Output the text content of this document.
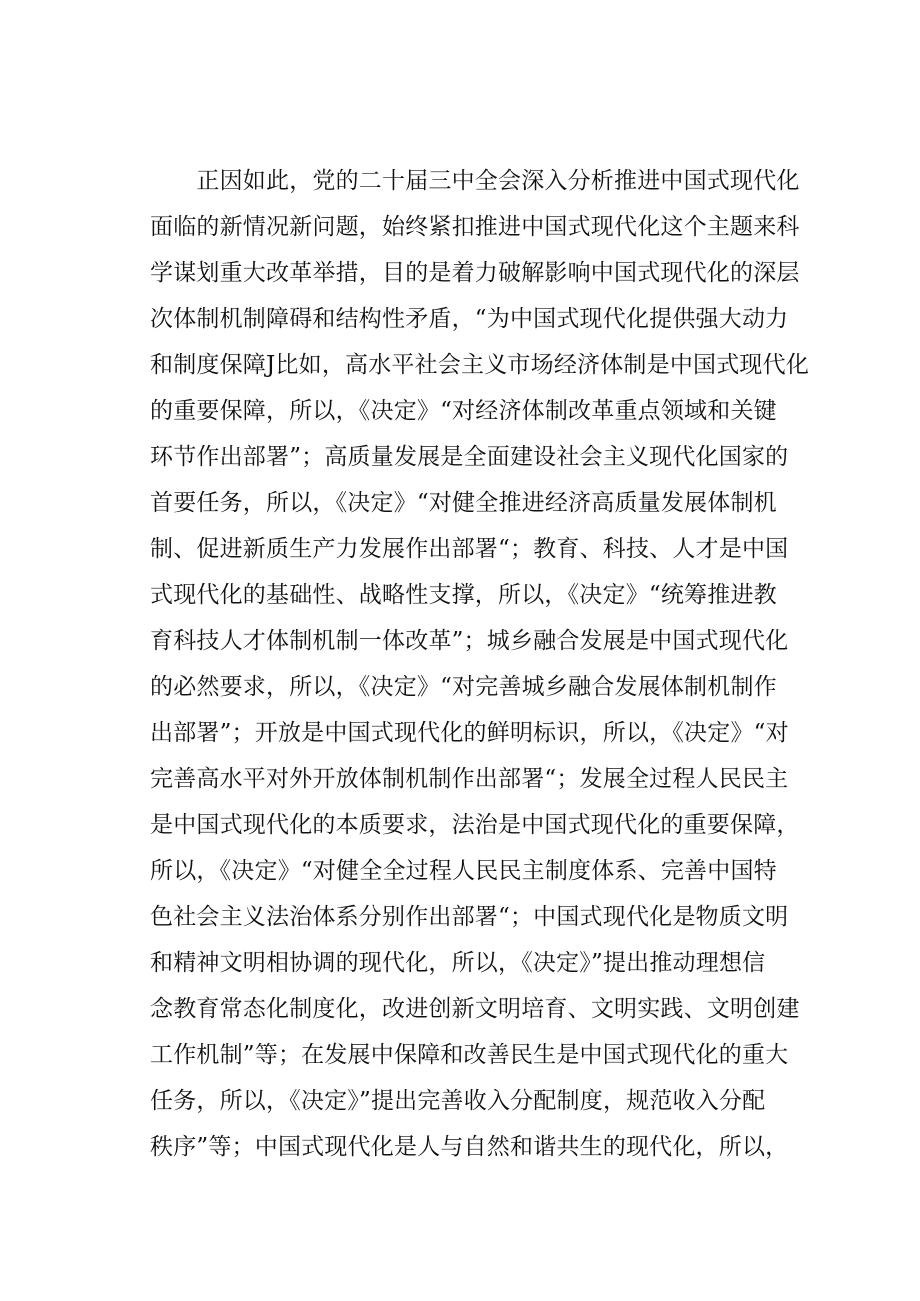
　　正因如此，党的二十届三中全会深入分析推进中国式现代化
面临的新情况新问题，始终紧扣推进中国式现代化这个主题来科
学谋划重大改革举措，目的是着力破解影响中国式现代化的深层
次体制机制障碍和结构性矛盾，“为中国式现代化提供强大动力
和制度保障J比如，高水平社会主义市场经济体制是中国式现代化
的重要保障，所以，《决定》“对经济体制改革重点领域和关键
环节作出部署”；高质量发展是全面建设社会主义现代化国家的
首要任务，所以，《决定》“对健全推进经济高质量发展体制机
制、促进新质生产力发展作出部署“；教育、科技、人才是中国
式现代化的基础性、战略性支撑，所以，《决定》“统筹推进教
育科技人才体制机制一体改革”；城乡融合发展是中国式现代化
的必然要求，所以，《决定》“对完善城乡融合发展体制机制作
出部署”；开放是中国式现代化的鲜明标识，所以，《决定》“对
完善高水平对外开放体制机制作出部署“；发展全过程人民民主
是中国式现代化的本质要求，法治是中国式现代化的重要保障，
所以，《决定》“对健全全过程人民民主制度体系、完善中国特
色社会主义法治体系分别作出部署“；中国式现代化是物质文明
和精神文明相协调的现代化，所以，《决定》”提出推动理想信
念教育常态化制度化，改进创新文明培育、文明实践、文明创建
工作机制”等；在发展中保障和改善民生是中国式现代化的重大
任务，所以，《决定》”提出完善收入分配制度，规范收入分配
秩序”等；中国式现代化是人与自然和谐共生的现代化，所以，
